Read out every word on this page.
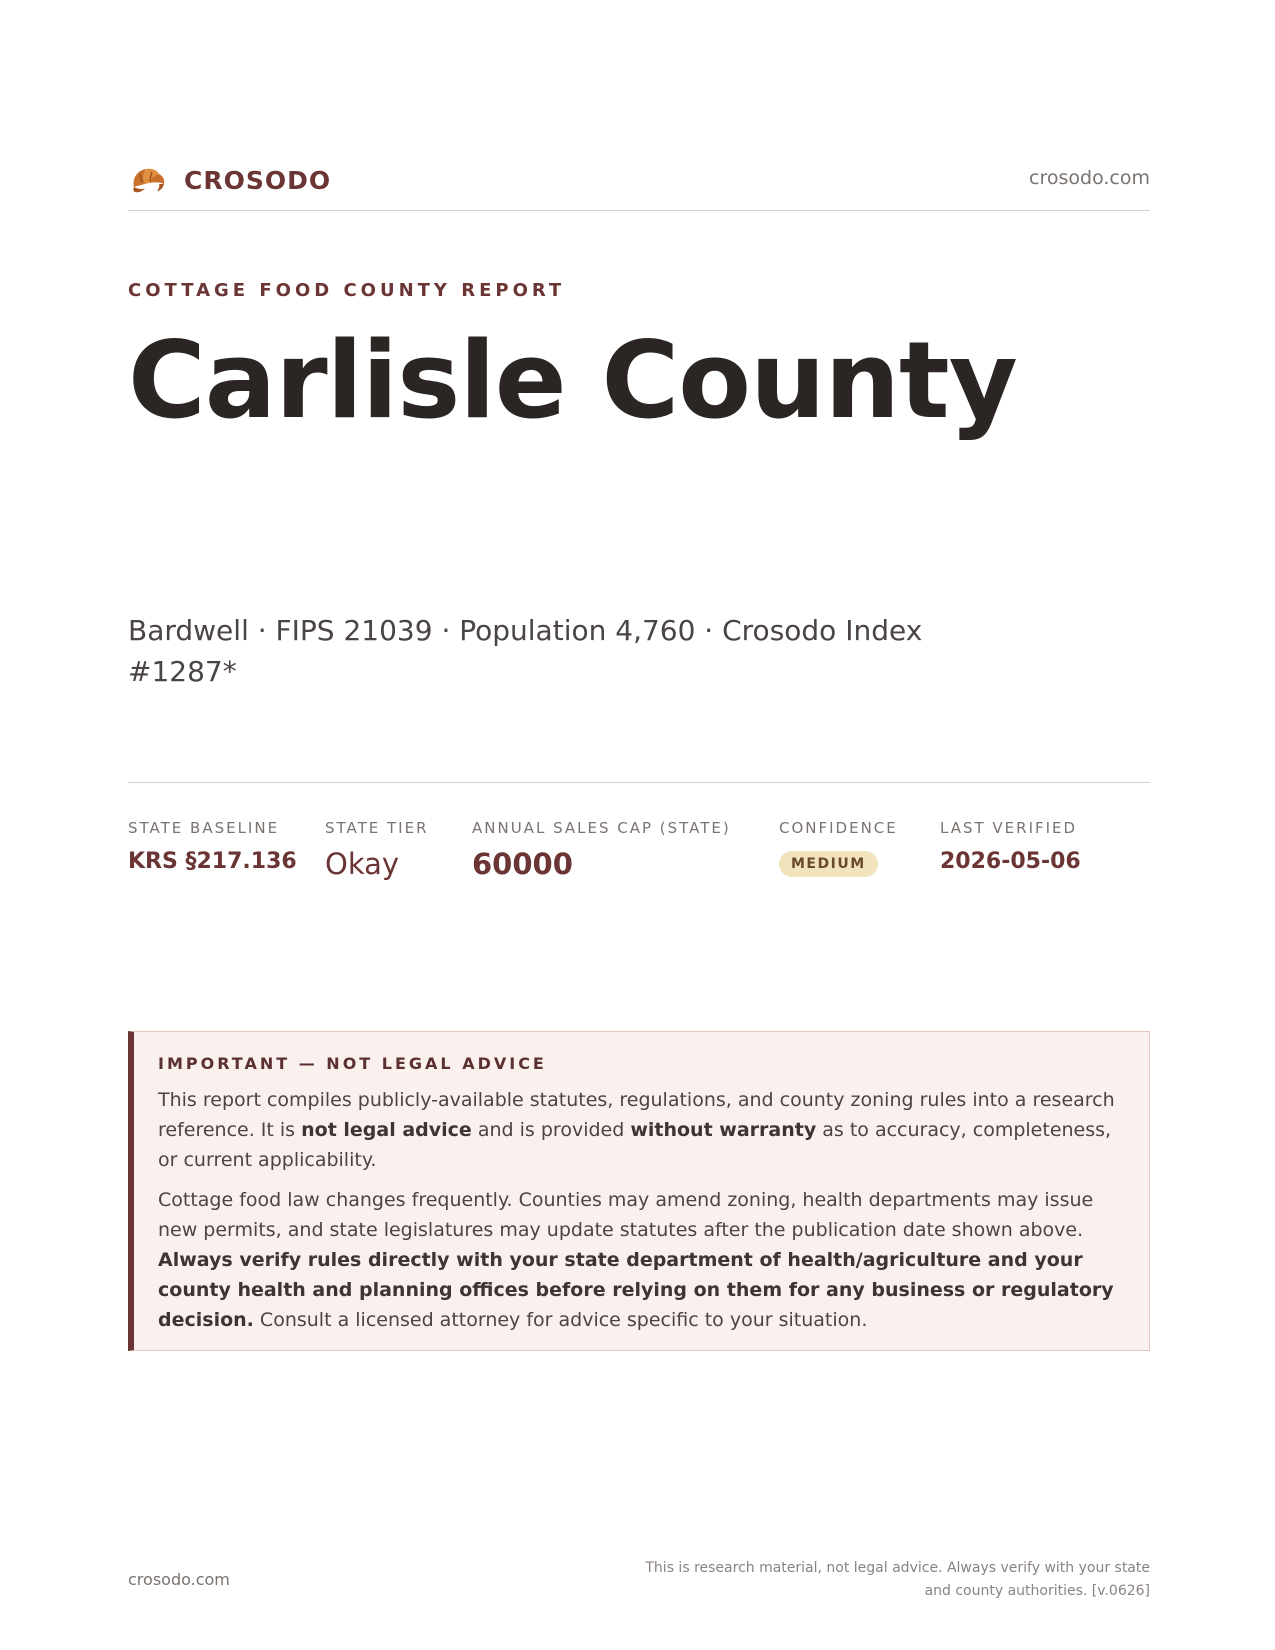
CROSODO	crosodo.com
COTTAGE FOOD COUNTY REPORT
Carlisle County
Bardwell · FIPS 21039 · Population 4,760 · Crosodo Index #1287*
STATE BASELINE
KRS §217.136
STATE TIER
Okay
ANNUAL SALES CAP (STATE)
60000
CONFIDENCE
MEDIUM
LAST VERIFIED
2026-05-06
IMPORTANT — NOT LEGAL ADVICE

This report compiles publicly-available statutes, regulations, and county zoning rules into a research reference. It is not legal advice and is provided without warranty as to accuracy, completeness, or current applicability.

Cottage food law changes frequently. Counties may amend zoning, health departments may issue new permits, and state legislatures may update statutes after the publication date shown above. Always verify rules directly with your state department of health/agriculture and your county health and planning offices before relying on them for any business or regulatory decision. Consult a licensed attorney for advice specific to your situation.

crosodo.com
This is research material, not legal advice. Always verify with your state and county authorities. [v.0626]
